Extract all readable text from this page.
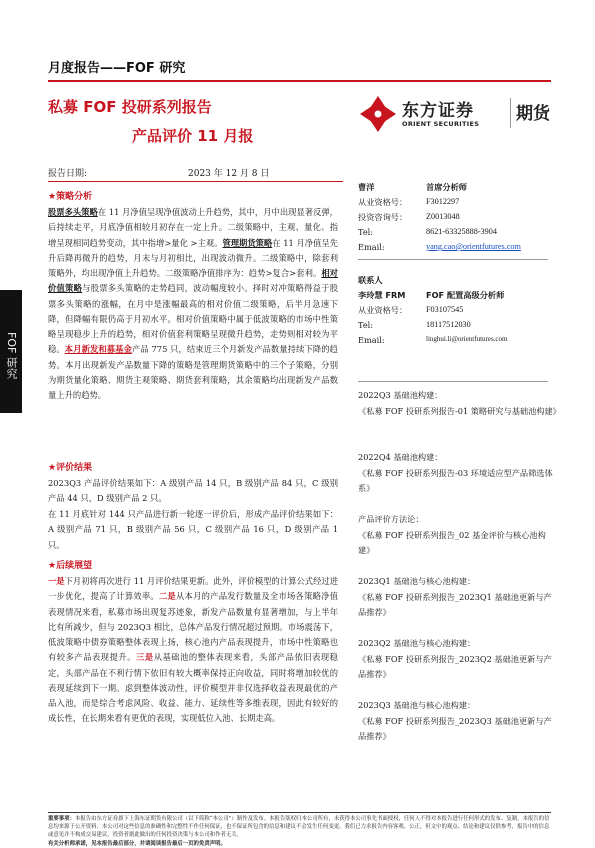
月度报告——FOF 研究
私募 FOF 投研系列报告
产品评价 11 月报
东方证券
ORIENT SECURITIES 期货
FOF 研究
报告日期:	2023 年 12 月 8 日
★策略分析
股票多头策略在 11 月净值呈现净值波动上升趋势，其中，月中出现显著反弹，后持续走平，月底净值相较月初存在一定上升。二级策略中，主观、量化、指增呈现相同趋势变动，其中指增>量化 >主观。管理期货策略在 11 月净值呈先升后降再微升的趋势，月末与月初相比，出现波动微升。二级策略中，除套利策略外，均出现净值上升趋势。二级策略净值排序为：趋势>复合>套利。相对价值策略与股票多头策略的走势趋同，波动幅度较小。择时对冲策略得益于股票多头策略的涨幅，在月中是涨幅最高的相对价值二级策略，后半月急速下降，但降幅有限仍高于月初水平。相对价值策略中属于低波策略的市场中性策略呈现稳步上升的趋势，相对价值套利策略呈现微升趋势，走势则相对较为平稳。本月新发和募基金产品 775 只，结束近三个月新发产品数量持续下降的趋势。本月出现新发产品数量下降的策略是管理期货策略中的三个子策略，分别为期货量化策略、期货主观策略、期货套利策略，其余策略均出现新发产品数量上升的趋势。
★评价结果
2023Q3 产品评价结果如下：A 级别产品 14 只，B 级别产品 84 只，C 级别产品 44 只，D 级别产品 2 只。
在 11 月底针对 144 只产品进行新一轮逐一评价后，形成产品评价结果如下：A 级别产品 71 只，B 级别产品 56 只，C 级别产品 16 只，D 级别产品 1 只。
★后续展望
一是下月初将再次进行 11 月评价结果更新。此外，评价模型的计算公式经过进一步优化，提高了计算效率。二是从本月的产品发行数量及全市场各策略净值表现情况来看，私募市场出现复苏迹象，新发产品数量有显著增加，与上半年比有所减少，但与 2023Q3 相比，总体产品发行情况超过预期。市场震荡下，低波策略中债券策略整体表现上扬，核心池内产品表现提升，市场中性策略也有较多产品表现提升。三是从基础池的整体表现来看，头部产品依旧表现稳定，头部产品在不利行情下依旧有较大概率保持正向收益，同时将增加较优的表现延续到下一期。虑到整体波动性，评价模型并非仅选择收益表现最优的产品入池，而是综合考虑风险、收益、能力、延续性等多维表现，因此有较好的成长性，在长期来看有更优的表现，实现低位入池、长期走高。
曹洋	首席分析师
从业资格号： F3012297
投资咨询号： Z0013048
Tel:	8621-63325888-3904
Email:	yang.cao@orientfutures.com
联系人
李玲慧 FRM	FOF 配置高级分析师
从业资格号： F03107545
Tel:	18117512030
Email:	linghui.li@orientfutures.com
2022Q3 基础池构建：
《私募 FOF 投研系列报告-01 策略研究与基础池构建》
2022Q4 基础池构建：
《私募 FOF 投研系列报告-03 环境适应型产品筛选体系》
产品评价方法论：
《私募 FOF 投研系列报告_02 基金评价与核心池构建》
2023Q1 基础池与核心池构建：
《私募 FOF 投研系列报告_2023Q1 基础池更新与产品推荐》
2023Q2 基础池与核心池构建：
《私募 FOF 投研系列报告_2023Q2 基础池更新与产品推荐》
2023Q3 基础池与核心池构建：
《私募 FOF 投研系列报告_2023Q3 基础池更新与产品推荐》
重要事项：本报告由东方证券旗下上海东证期货有限公司（以下简称“本公司”）制作及发布。本报告版权归本公司所有，未获得本公司事先书面授权，任何人不得对本报告进行任何形式的发布、复制。本报告的信息均来源于公开资料，本公司对这些信息的准确性和完整性不作任何保证，也不保证所包含的信息和建议不会发生任何变更。我们已力求报告内容客观、公正，但文中的观点、结论和建议仅供参考，报告中的信息或意见并不构成交易建议，投资者据此做出的任何投资决策与本公司和作者无关。
有关分析师承诺，见本报告最后部分，并请阅读报告最后一页的免责声明。
